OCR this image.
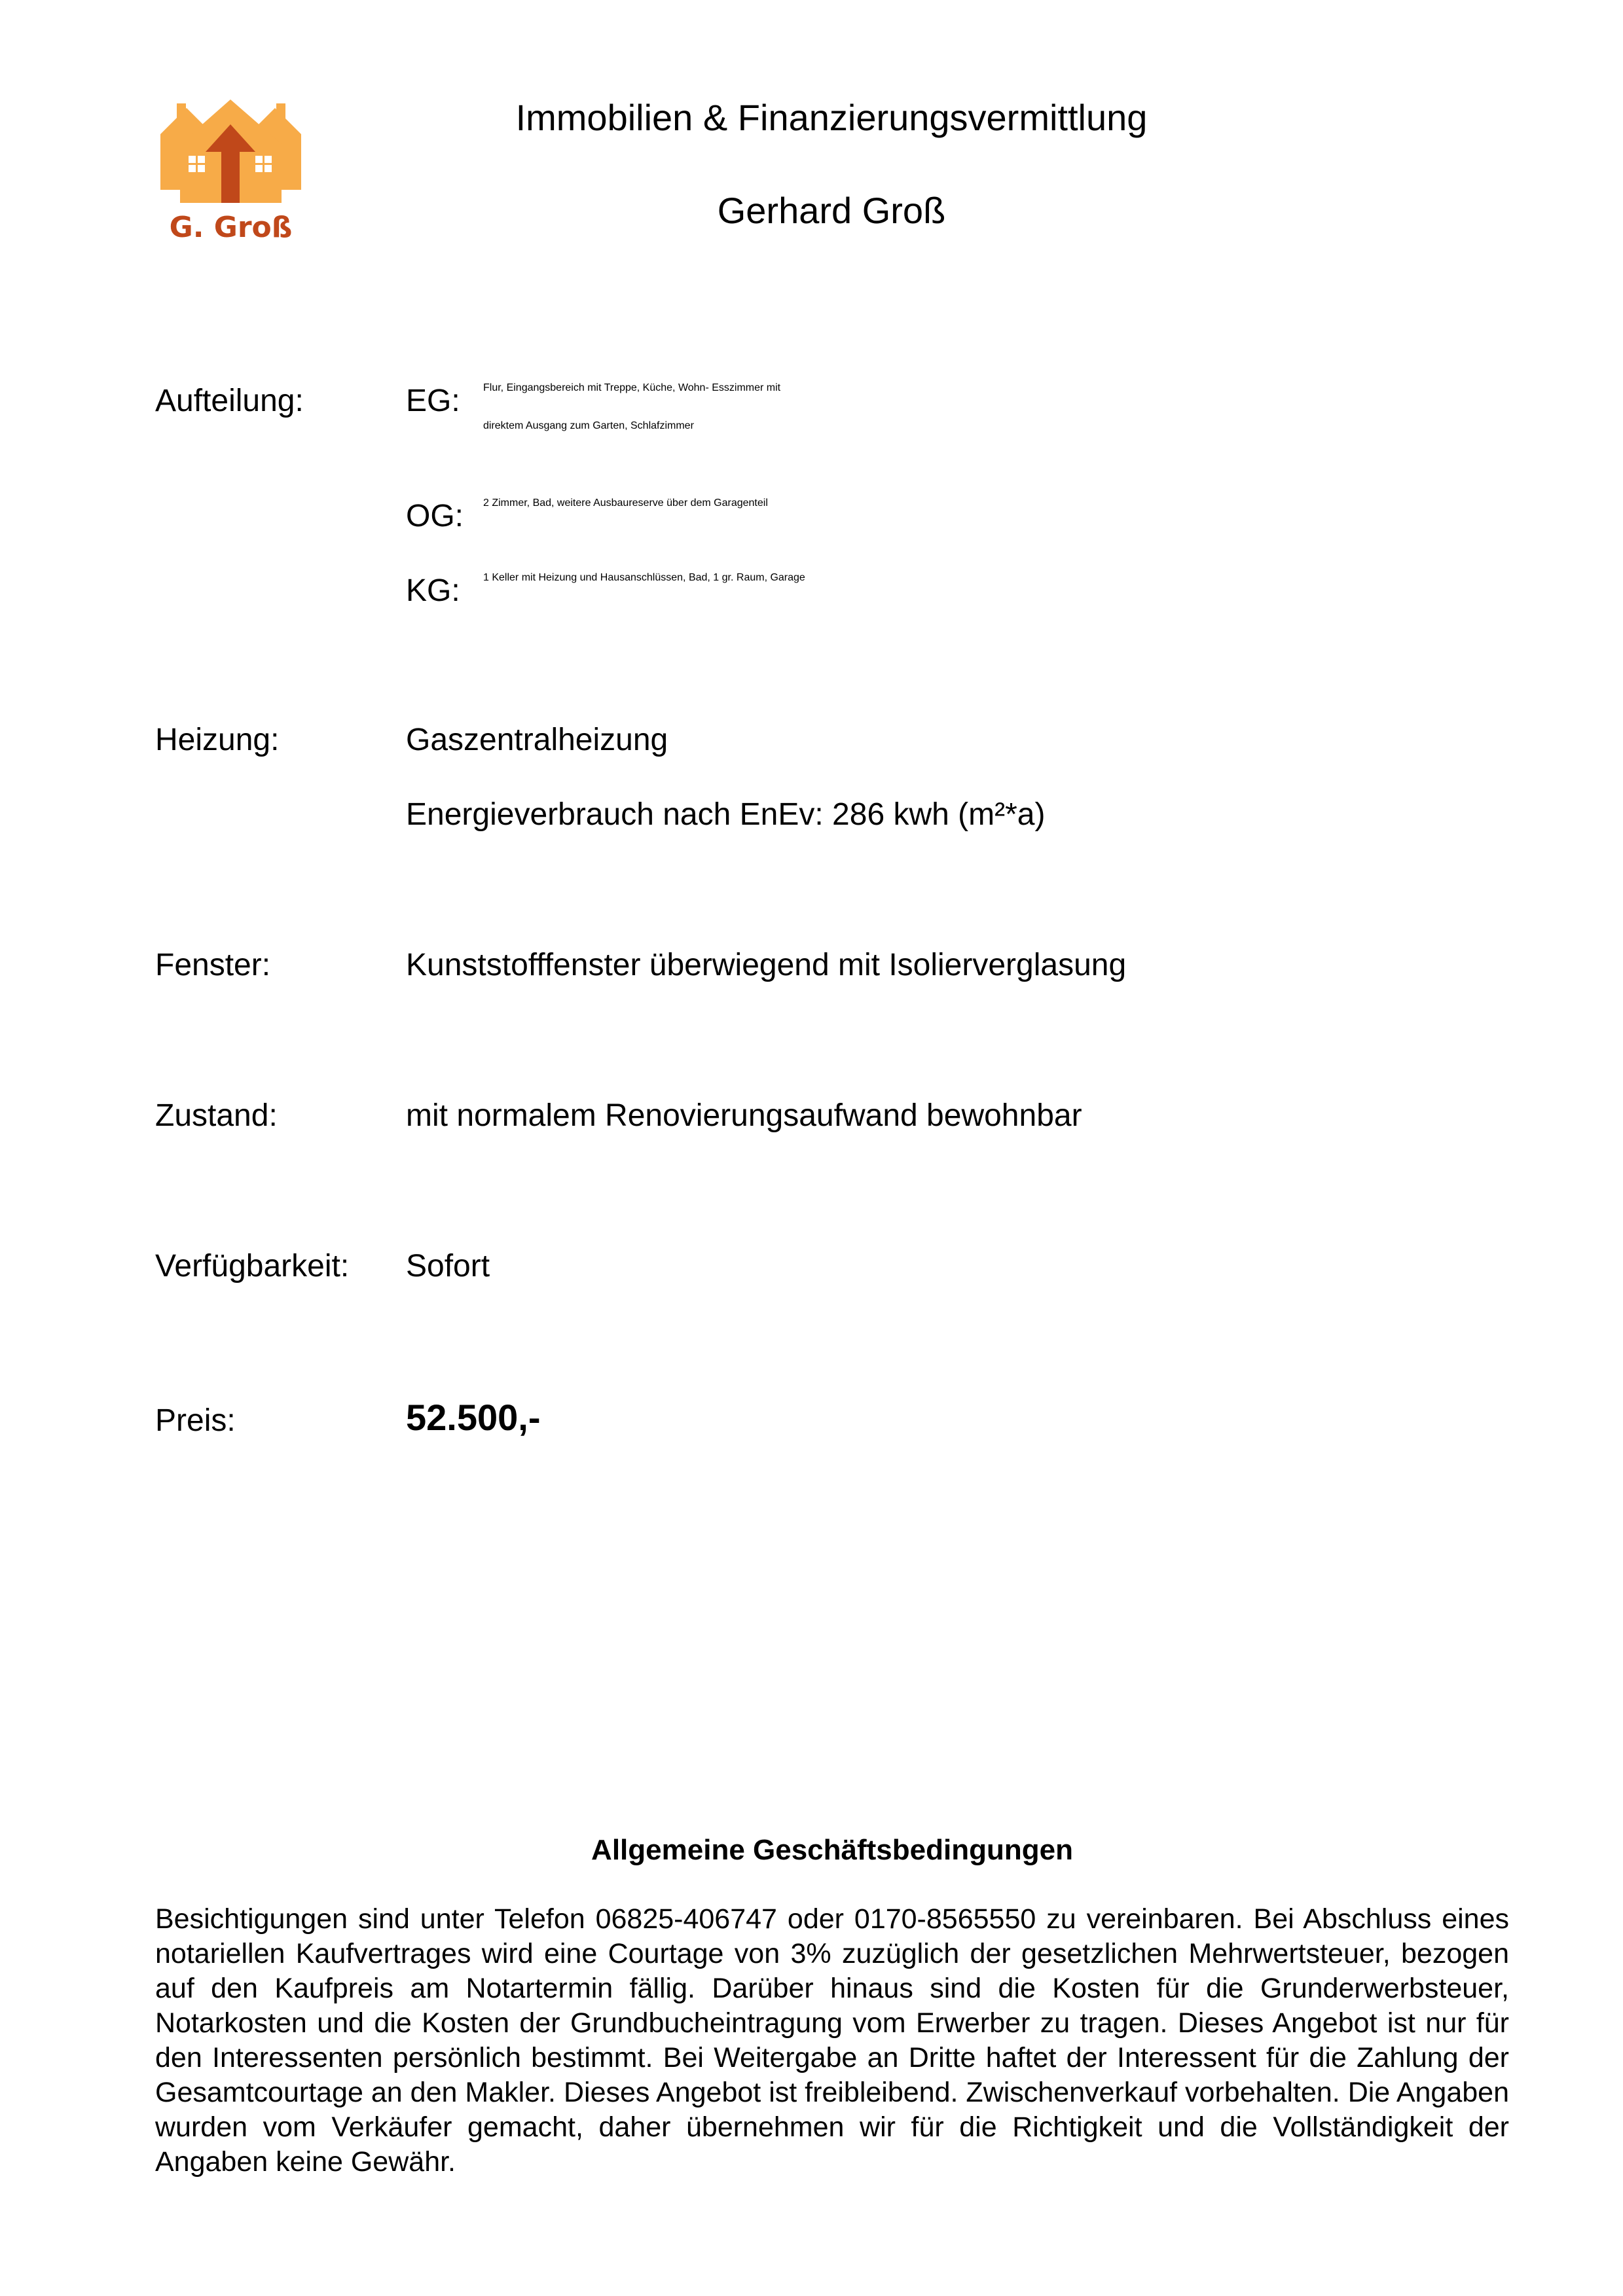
G. Groß
Immobilien & Finanzierungsvermittlung
Gerhard Groß
Aufteilung:	EG: Flur, Eingangsbereich mit Treppe, Küche, Wohn- Esszimmer mit
direktem Ausgang zum Garten, Schlafzimmer
OG: 2 Zimmer, Bad, weitere Ausbaureserve über dem Garagenteil
KG: 1 Keller mit Heizung und Hausanschlüssen, Bad, 1 gr. Raum, Garage
Heizung:	Gaszentralheizung
Energieverbrauch nach EnEv: 286 kwh (m²*a)
Fenster:	Kunststofffenster überwiegend mit Isolierverglasung
Zustand:	mit normalem Renovierungsaufwand bewohnbar
Verfügbarkeit: Sofort
Preis:	52.500,-
Allgemeine Geschäftsbedingungen
Besichtigungen sind unter Telefon 06825-406747 oder 0170-8565550 zu vereinbaren. Bei Abschluss eines notariellen Kaufvertrages wird eine Courtage von 3% zuzüglich der gesetzlichen Mehrwertsteuer, bezogen auf den Kaufpreis am Notartermin fällig. Darüber hinaus sind die Kosten für die Grunderwerbsteuer, Notarkosten und die Kosten der Grundbucheintragung vom Erwerber zu tragen. Dieses Angebot ist nur für den Interessenten persönlich bestimmt. Bei Weitergabe an Dritte haftet der Interessent für die Zahlung der Gesamtcourtage an den Makler. Dieses Angebot ist freibleibend. Zwischenverkauf vorbehalten. Die Angaben wurden vom Verkäufer gemacht, daher übernehmen wir für die Richtigkeit und die Vollständigkeit der Angaben keine Gewähr.
